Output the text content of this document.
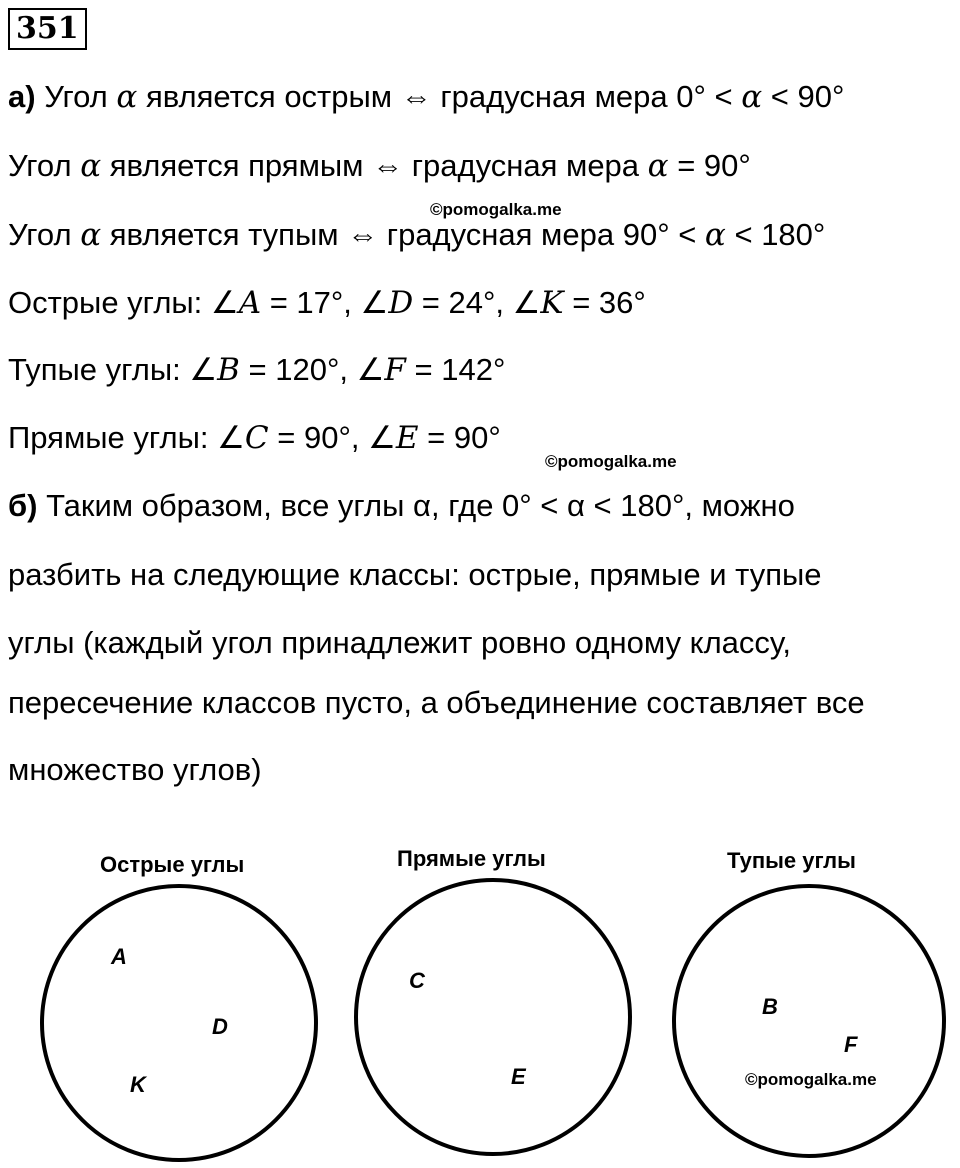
351
а) Угол α является острым ⇔ градусная мера 0° < α < 90°
Угол α является прямым ⇔ градусная мера α = 90°
©pomogalka.me
Угол α является тупым ⇔ градусная мера 90° < α < 180°
Острые углы: ∠A = 17°, ∠D = 24°, ∠K = 36°
Тупые углы: ∠B = 120°, ∠F = 142°
Прямые углы: ∠C = 90°, ∠E = 90°
©pomogalka.me
б) Таким образом, все углы α, где 0° < α < 180°, можно
разбить на следующие классы: острые, прямые и тупые
углы (каждый угол принадлежит ровно одному классу,
пересечение классов пусто, а объединение составляет все
множество углов)
Острые углы
A
D
K
Прямые углы
C
E
Тупые углы
B
F
©pomogalka.me
